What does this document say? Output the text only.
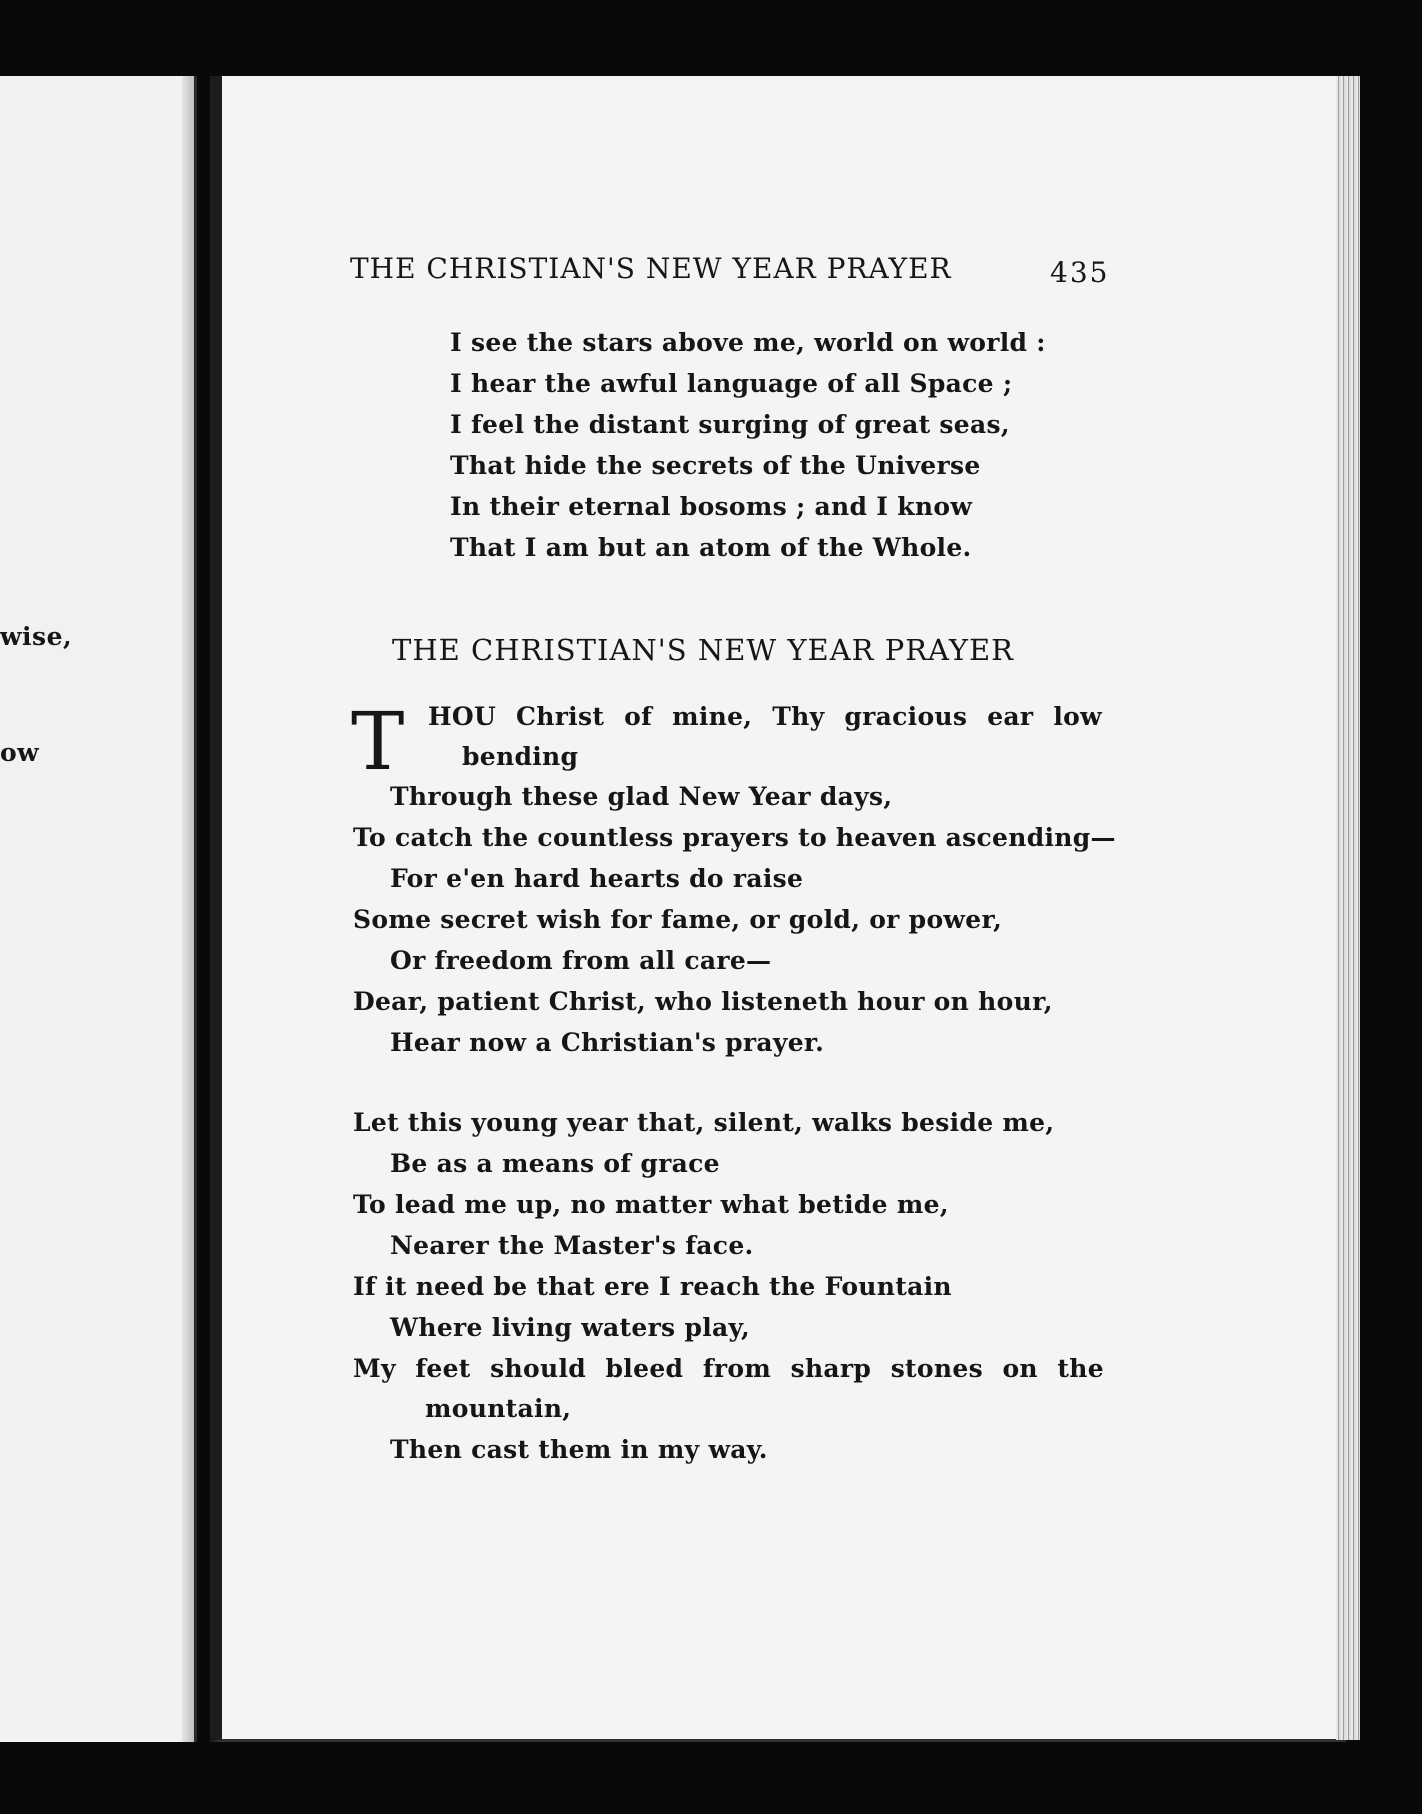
wise,
ow
THE CHRISTIAN'S NEW YEAR PRAYER	435
I see the stars above me, world on world :
I hear the awful language of all Space ;
I feel the distant surging of great seas,
That hide the secrets of the Universe
In their eternal bosoms ; and I know
That I am but an atom of the Whole.
THE CHRISTIAN'S NEW YEAR PRAYER
T HOU Christ of mine, Thy gracious ear low
bending
Through these glad New Year days,
To catch the countless prayers to heaven ascending—
For e'en hard hearts do raise
Some secret wish for fame, or gold, or power,
Or freedom from all care—
Dear, patient Christ, who listeneth hour on hour,
Hear now a Christian's prayer.
Let this young year that, silent, walks beside me,
Be as a means of grace
To lead me up, no matter what betide me,
Nearer the Master's face.
If it need be that ere I reach the Fountain
Where living waters play,
My feet should bleed from sharp stones on the
mountain,
Then cast them in my way.
